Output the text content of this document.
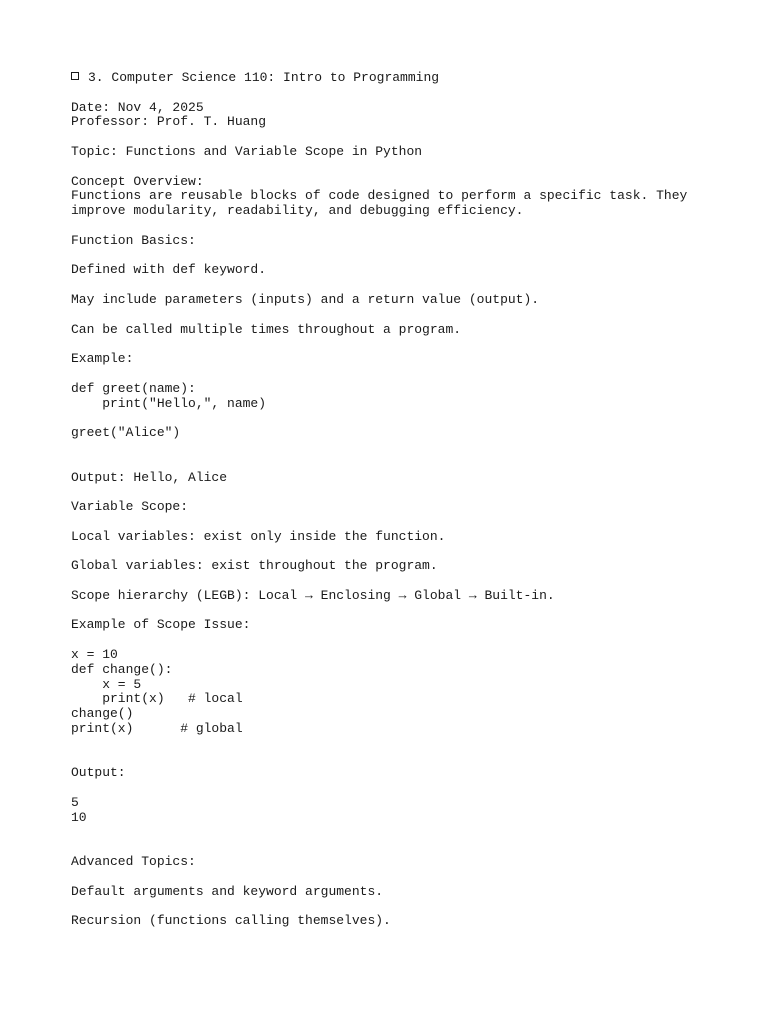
3. Computer Science 110: Intro to Programming
Date: Nov 4, 2025
Professor: Prof. T. Huang
Topic: Functions and Variable Scope in Python
Concept Overview:
Functions are reusable blocks of code designed to perform a specific task. They
improve modularity, readability, and debugging efficiency.
Function Basics:
Defined with def keyword.
May include parameters (inputs) and a return value (output).
Can be called multiple times throughout a program.
Example:
def greet(name):
print("Hello,", name)
greet("Alice")
Output: Hello, Alice
Variable Scope:
Local variables: exist only inside the function.
Global variables: exist throughout the program.
Scope hierarchy (LEGB): Local → Enclosing → Global → Built-in.
Example of Scope Issue:
x = 10
def change():
x = 5
print(x)   # local
change()
print(x)      # global
Output:
5
10
Advanced Topics:
Default arguments and keyword arguments.
Recursion (functions calling themselves).
